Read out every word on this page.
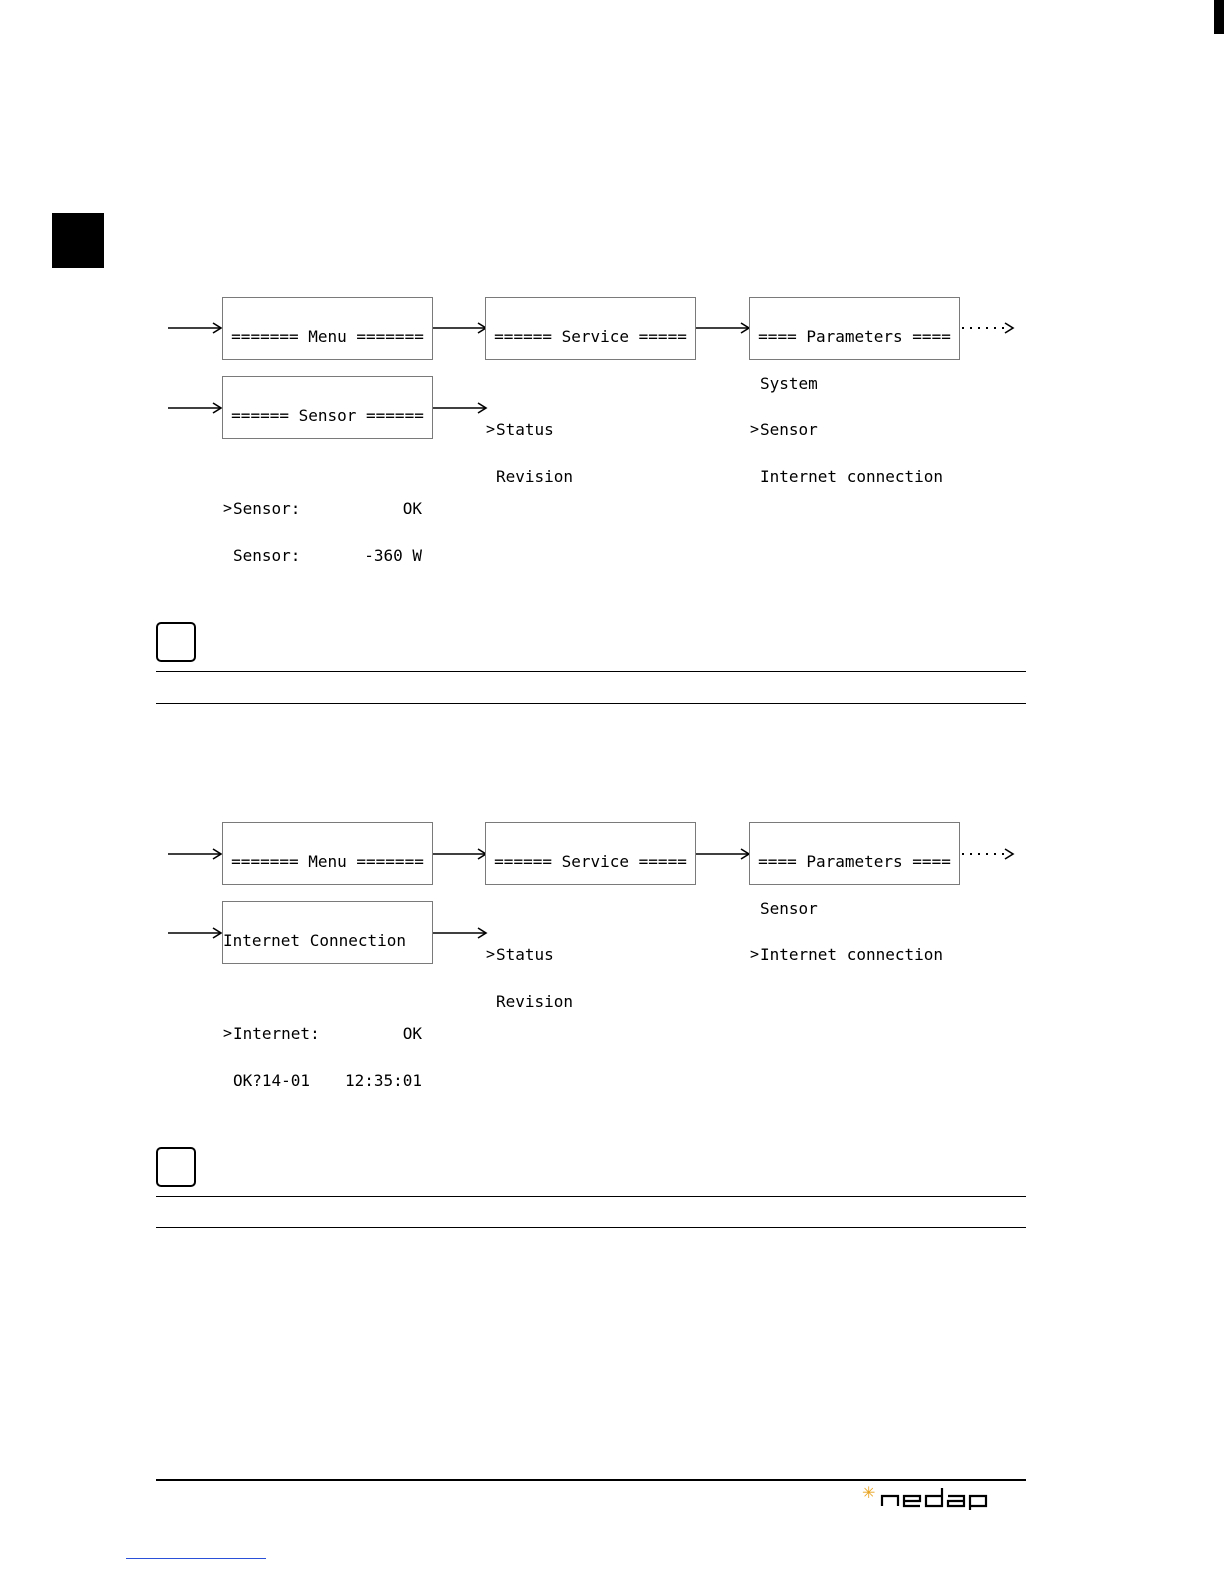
======= Menu =======

	====== Service =====

> Status

Revision

==== Parameters ====

System

> Sensor

Internet connection

====== Sensor ======

> Sensor:	OK

Sensor:	-360 W

======= Menu =======

	====== Service =====

> Status

Revision

==== Parameters ====

Sensor

> Internet connection

Internet Connection

> Internet:	OK

OK?14-01 12:35:01

✳
